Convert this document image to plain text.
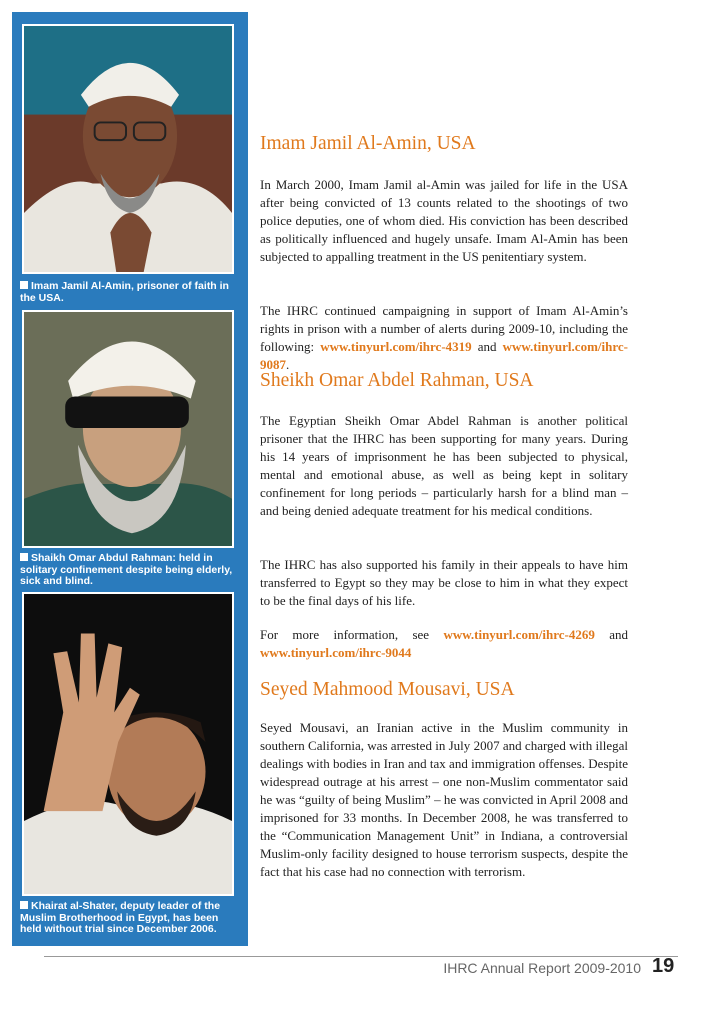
Imam Jamil Al-Amin, prisoner of faith in the USA.
Shaikh Omar Abdul Rahman: held in solitary confinement despite being elderly, sick and blind.
Khairat al-Shater, deputy leader of the Muslim Brotherhood in Egypt, has been held without trial since December 2006.
Imam Jamil Al-Amin, USA

In March 2000, Imam Jamil al-Amin was jailed for life in the USA after being convicted of 13 counts related to the shootings of two police deputies, one of whom died. His conviction has been described as politically influenced and hugely unsafe. Imam Al-Amin has been subjected to appalling treatment in the US penitentiary system.

The IHRC continued campaigning in support of Imam Al-Amin’s rights in prison with a number of alerts during 2009-10, including the following: www.tinyurl.com/ihrc-4319 and www.tinyurl.com/ihrc-9087.

Sheikh Omar Abdel Rahman, USA

The Egyptian Sheikh Omar Abdel Rahman is another political prisoner that the IHRC has been supporting for many years. During his 14 years of imprisonment he has been subjected to physical, mental and emotional abuse, as well as being kept in solitary confinement for long periods – particularly harsh for a blind man – and being denied adequate treatment for his medical conditions.

The IHRC has also supported his family in their appeals to have him transferred to Egypt so they may be close to him in what they expect to be the final days of his life.

For more information, see www.tinyurl.com/ihrc-4269 and www.tinyurl.com/ihrc-9044

Seyed Mahmood Mousavi, USA

Seyed Mousavi, an Iranian active in the Muslim community in southern California, was arrested in July 2007 and charged with illegal dealings with bodies in Iran and tax and immigration offenses. Despite widespread outrage at his arrest – one non-Muslim commentator said he was “guilty of being Muslim” – he was convicted in April 2008 and imprisoned for 33 months. In December 2008, he was transferred to the “Communication Management Unit” in Indiana, a controversial Muslim-only facility designed to house terrorism suspects, despite the fact that his case had no connection with terrorism.

IHRC Annual Report 2009-2010 19
